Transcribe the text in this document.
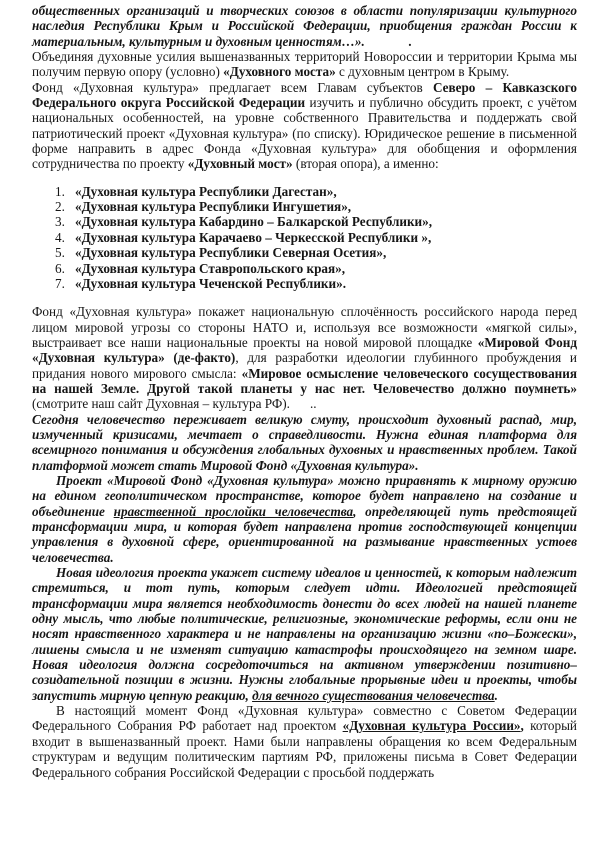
общественных организаций и творческих союзов в области популяризации культурного наследия Республики Крым и Российской Федерации, приобщения граждан России к материальным, культурным и духовным ценностям…».	.

Объединяя духовные усилия вышеназванных территорий Новороссии и территории Крыма мы получим первую опору (условно) «Духовного моста» с духовным центром в Крыму.

Фонд «Духовная культура» предлагает всем Главам субъектов Северо – Кавказского Федерального округа Российской Федерации изучить и публично обсудить проект, с учётом национальных особенностей, на уровне собственного Правительства и поддержать свой патриотический проект «Духовная культура» (по списку). Юридическое решение в письменной форме направить в адрес Фонда «Духовная культура» для обобщения и оформления сотрудничества по проекту «Духовный мост» (вторая опора), а именно:

1. «Духовная культура Республики Дагестан»,
2. «Духовная культура Республики Ингушетия»,
3. «Духовная культура Кабардино – Балкарской Республики»,
4. «Духовная культура Карачаево – Черкесской Республики »,
5. «Духовная культура Республики Северная Осетия»,
6. «Духовная культура Ставропольского края»,
7. «Духовная культура Чеченской Республики».

Фонд «Духовная культура» покажет национальную сплочённость российского народа перед лицом мировой угрозы со стороны НАТО и, используя все возможности «мягкой силы», выстраивает все наши национальные проекты на новой мировой площадке «Мировой Фонд «Духовная культура» (де-факто), для разработки идеологии глубинного пробуждения и придания нового мирового смысла: «Мировое осмысление человеческого сосуществования на нашей Земле. Другой такой планеты у нас нет. Человечество должно поумнеть» (смотрите наш сайт Духовная – культура РФ). ..

Сегодня человечество переживает великую смуту, происходит духовный распад, мир, измученный кризисами, мечтает о справедливости. Нужна единая платформа для всемирного понимания и обсуждения глобальных духовных и нравственных проблем. Такой платформой может стать Мировой Фонд «Духовная культура».

Проект «Мировой Фонд «Духовная культура» можно приравнять к мирному оружию на едином геополитическом пространстве, которое будет направлено на создание и объединение нравственной прослойки человечества, определяющей путь предстоящей трансформации мира, и которая будет направлена против господствующей концепции управления в духовной сфере, ориентированной на размывание нравственных устоев человечества.

Новая идеология проекта укажет систему идеалов и ценностей, к которым надлежит стремиться, и тот путь, которым следует идти. Идеологией предстоящей трансформации мира является необходимость донести до всех людей на нашей планете одну мысль, что любые политические, религиозные, экономические реформы, если они не носят нравственного характера и не направлены на организацию жизни «по–Божески», лишены смысла и не изменят ситуацию катастрофы происходящего на земном шаре. Новая идеология должна сосредоточиться на активном утверждении позитивно–созидательной позиции в жизни. Нужны глобальные прорывные идеи и проекты, чтобы запустить мирную цепную реакцию, для вечного существования человечества.

В настоящий момент Фонд «Духовная культура» совместно с Советом Федерации Федерального Собрания РФ работает над проектом «Духовная культура России», который входит в вышеназванный проект. Нами были направлены обращения ко всем Федеральным структурам и ведущим политическим партиям РФ, приложены письма в Совет Федерации Федерального собрания Российской Федерации с просьбой поддержать
